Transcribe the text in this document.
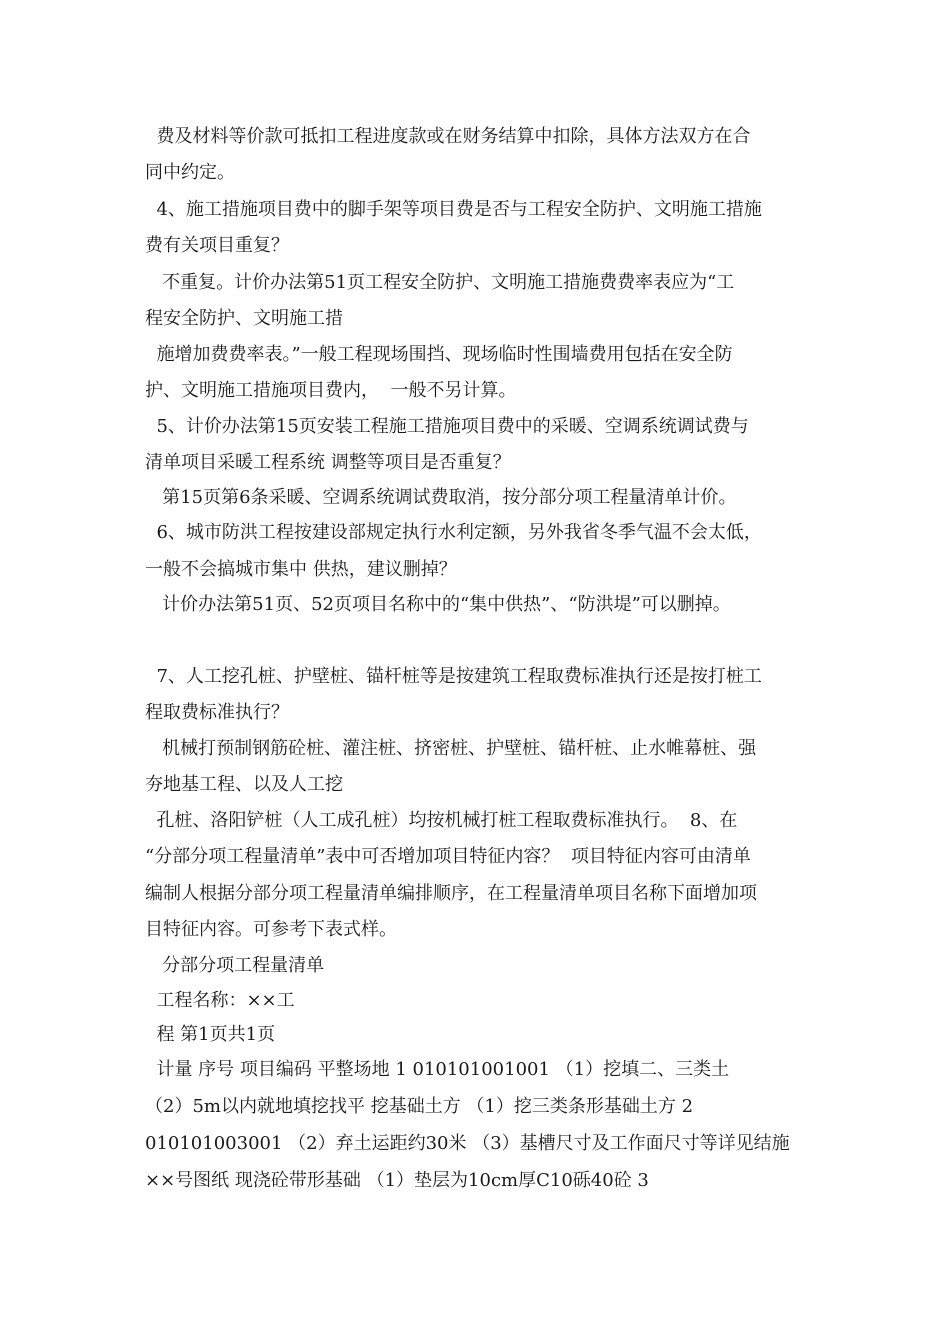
费及材料等价款可抵扣工程进度款或在财务结算中扣除，具体方法双方在合
同中约定。
4、施工措施项目费中的脚手架等项目费是否与工程安全防护、文明施工措施
费有关项目重复？
不重复。计价办法第51页工程安全防护、文明施工措施费费率表应为“工
程安全防护、文明施工措
施增加费费率表。”一般工程现场围挡、现场临时性围墙费用包括在安全防
护、文明施工措施项目费内，  一般不另计算。
5、计价办法第15页安装工程施工措施项目费中的采暖、空调系统调试费与
清单项目采暖工程系统 调整等项目是否重复？
第15页第6条采暖、空调系统调试费取消，按分部分项工程量清单计价。
6、城市防洪工程按建设部规定执行水利定额，另外我省冬季气温不会太低，
一般不会搞城市集中 供热，建议删掉？
计价办法第51页、52页项目名称中的“集中供热”、“防洪堤”可以删掉。
7、人工挖孔桩、护壁桩、锚杆桩等是按建筑工程取费标准执行还是按打桩工
程取费标准执行？
机械打预制钢筋砼桩、灌注桩、挤密桩、护壁桩、锚杆桩、止水帷幕桩、强
夯地基工程、以及人工挖
孔桩、洛阳铲桩（人工成孔桩）均按机械打桩工程取费标准执行。  8、在
“分部分项工程量清单”表中可否增加项目特征内容？  项目特征内容可由清单
编制人根据分部分项工程量清单编排顺序，在工程量清单项目名称下面增加项
目特征内容。可参考下表式样。
分部分项工程量清单
工程名称：××工
程 第1页共1页
计量 序号 项目编码 平整场地 1 010101001001 （1）挖填二、三类土
（2）5m以内就地填挖找平 挖基础土方 （1）挖三类条形基础土方 2
010101003001 （2）弃土运距约30米 （3）基槽尺寸及工作面尺寸等详见结施
××号图纸 现浇砼带形基础 （1）垫层为10cm厚C10砾40砼 3
